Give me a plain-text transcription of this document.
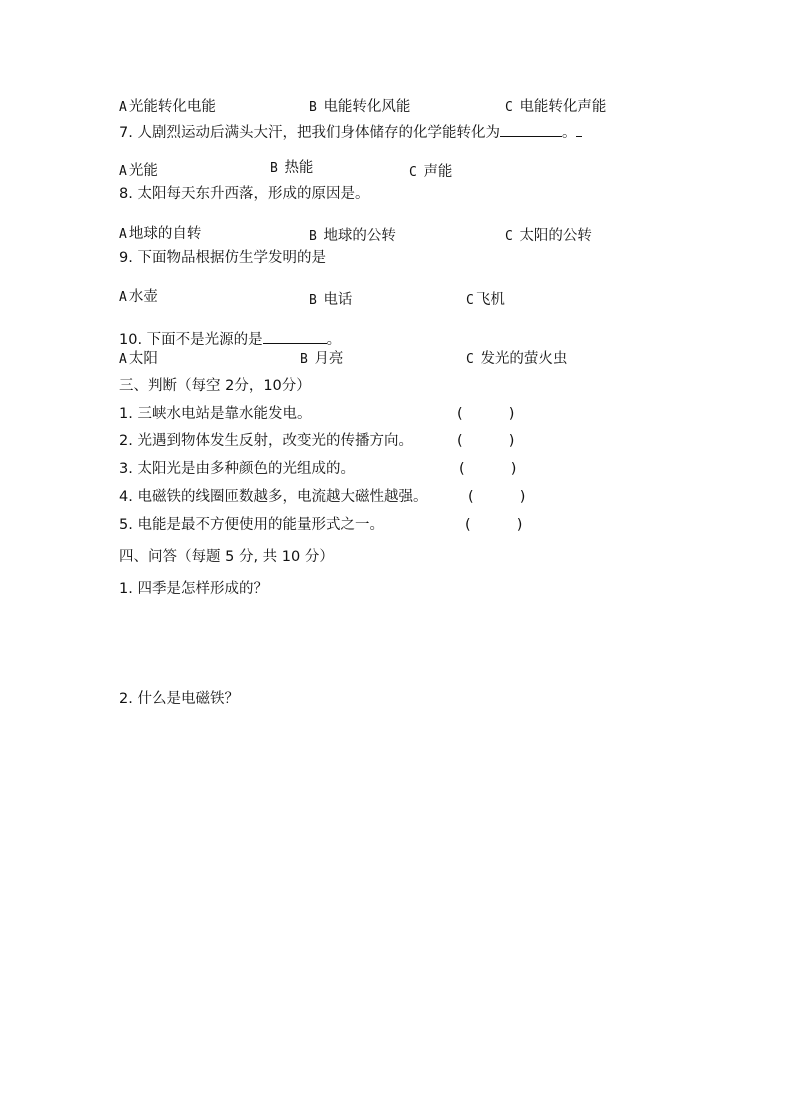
A 光能转化电能	B 电能转化风能	C 电能转化声能
7. 人剧烈运动后满头大汗，把我们身体储存的化学能转化为	。
A 光能	B 热能	C 声能
8. 太阳每天东升西落，形成的原因是。
A 地球的自转	B 地球的公转	C 太阳的公转
9. 下面物品根据仿生学发明的是
A 水壶	B 电话	C 飞机
10. 下面不是光源的是	。
A 太阳	B 月亮	C 发光的萤火虫
三、判断（每空 2分，10分）
1. 三峡水电站是靠水能发电。	(          )
2. 光遇到物体发生反射，改变光的传播方向。	(          )
3. 太阳光是由多种颜色的光组成的。	(          )
4. 电磁铁的线圈匝数越多，电流越大磁性越强。	(          )
5. 电能是最不方便使用的能量形式之一。	(          )
四、问答（每题 5 分, 共 10 分）
1. 四季是怎样形成的？
2. 什么是电磁铁？
